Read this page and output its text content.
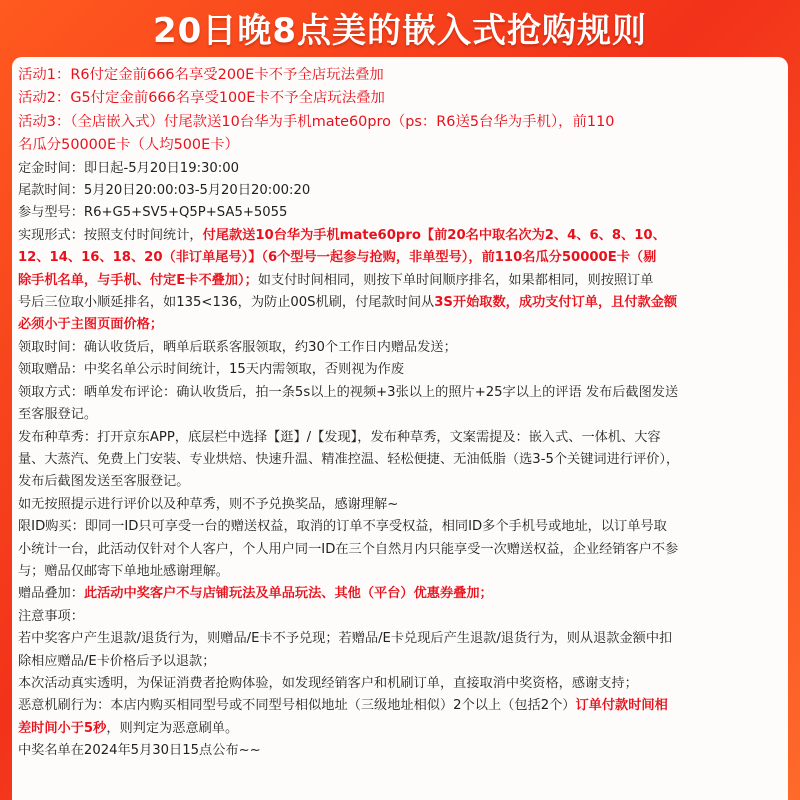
20日晚8点美的嵌入式抢购规则
活动1：R6付定金前666名享受200E卡不予全店玩法叠加
活动2：G5付定金前666名享受100E卡不予全店玩法叠加
活动3：（全店嵌入式）付尾款送10台华为手机mate60pro（ps：R6送5台华为手机），前110
名瓜分50000E卡（人均500E卡）
定金时间：即日起-5月20日19:30:00
尾款时间：5月20日20:00:03-5月20日20:00:20
参与型号：R6+G5+SV5+Q5P+SA5+5055
实现形式：按照支付时间统计，付尾款送10台华为手机mate60pro【前20名中取名次为2、4、6、8、10、
12、14、16、18、20（非订单尾号）】（6个型号一起参与抢购，非单型号），前110名瓜分50000E卡（剔
除手机名单，与手机、付定E卡不叠加）；如支付时间相同，则按下单时间顺序排名，如果都相同，则按照订单
号后三位取小顺延排名，如135<136，为防止00S机刷，付尾款时间从3S开始取数，成功支付订单，且付款金额
必须小于主图页面价格；
领取时间：确认收货后，晒单后联系客服领取，约30个工作日内赠品发送；
领取赠品：中奖名单公示时间统计，15天内需领取，否则视为作废
领取方式：晒单发布评论：确认收货后，拍一条5s以上的视频+3张以上的照片+25字以上的评语 发布后截图发送
至客服登记。
发布种草秀：打开京东APP，底层栏中选择【逛】/【发现】，发布种草秀，文案需提及：嵌入式、一体机、大容
量、大蒸汽、免费上门安装、专业烘焙、快速升温、精准控温、轻松便捷、无油低脂（选3-5个关键词进行评价），
发布后截图发送至客服登记。
如无按照提示进行评价以及种草秀，则不予兑换奖品，感谢理解~
限ID购买：即同一ID只可享受一台的赠送权益，取消的订单不享受权益，相同ID多个手机号或地址，以订单号取
小统计一台，此活动仅针对个人客户，个人用户同一ID在三个自然月内只能享受一次赠送权益，企业经销客户不参
与；赠品仅邮寄下单地址感谢理解。
赠品叠加：此活动中奖客户不与店铺玩法及单品玩法、其他（平台）优惠券叠加；
注意事项：
若中奖客户产生退款/退货行为，则赠品/E卡不予兑现；若赠品/E卡兑现后产生退款/退货行为，则从退款金额中扣
除相应赠品/E卡价格后予以退款；
本次活动真实透明，为保证消费者抢购体验，如发现经销客户和机刷订单，直接取消中奖资格，感谢支持；
恶意机刷行为：本店内购买相同型号或不同型号相似地址（三级地址相似）2个以上（包括2个）订单付款时间相
差时间小于5秒，则判定为恶意刷单。
中奖名单在2024年5月30日15点公布~~
